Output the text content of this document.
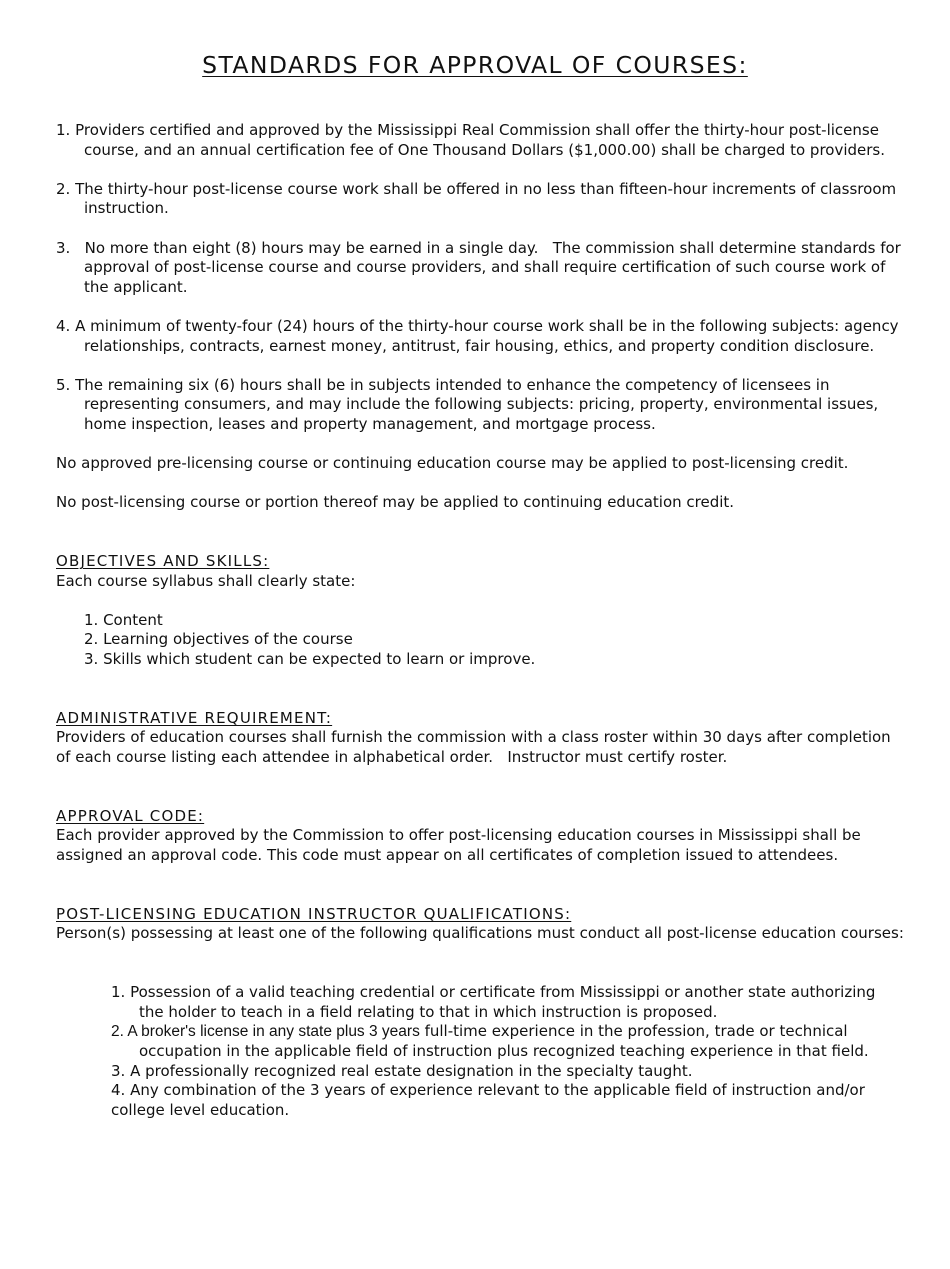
STANDARDS FOR APPROVAL OF COURSES:

1. Providers certified and approved by the Mississippi Real Commission shall offer the thirty-hour post-license course, and an annual certification fee of One Thousand Dollars ($1,000.00) shall be charged to providers.

2. The thirty-hour post-license course work shall be offered in no less than fifteen-hour increments of classroom instruction.

3.   No more than eight (8) hours may be earned in a single day.   The commission shall determine standards for approval of post-license course and course providers, and shall require certification of such course work of the applicant.

4. A minimum of twenty-four (24) hours of the thirty-hour course work shall be in the following subjects: agency relationships, contracts, earnest money, antitrust, fair housing, ethics, and property condition disclosure.

5. The remaining six (6) hours shall be in subjects intended to enhance the competency of licensees in representing consumers, and may include the following subjects: pricing, property, environmental issues, home inspection, leases and property management, and mortgage process.

No approved pre-licensing course or continuing education course may be applied to post-licensing credit.

No post-licensing course or portion thereof may be applied to continuing education credit.

OBJECTIVES AND SKILLS:

Each course syllabus shall clearly state:

1. Content

2. Learning objectives of the course

3. Skills which student can be expected to learn or improve.

ADMINISTRATIVE REQUIREMENT:

Providers of education courses shall furnish the commission with a class roster within 30 days after completion of each course listing each attendee in alphabetical order.   Instructor must certify roster.

APPROVAL CODE:

Each provider approved by the Commission to offer post-licensing education courses in Mississippi shall be assigned an approval code. This code must appear on all certificates of completion issued to attendees.

POST-LICENSING EDUCATION INSTRUCTOR QUALIFICATIONS:

Person(s) possessing at least one of the following qualifications must conduct all post-license education courses:

1. Possession of a valid teaching credential or certificate from Mississippi or another state authorizing the holder to teach in a field relating to that in which instruction is proposed.

2. A broker's license in any state plus 3 years full-time experience in the profession, trade or technical occupation in the applicable field of instruction plus recognized teaching experience in that field.

3. A professionally recognized real estate designation in the specialty taught.

4. Any combination of the 3 years of experience relevant to the applicable field of instruction and/or college level education.
